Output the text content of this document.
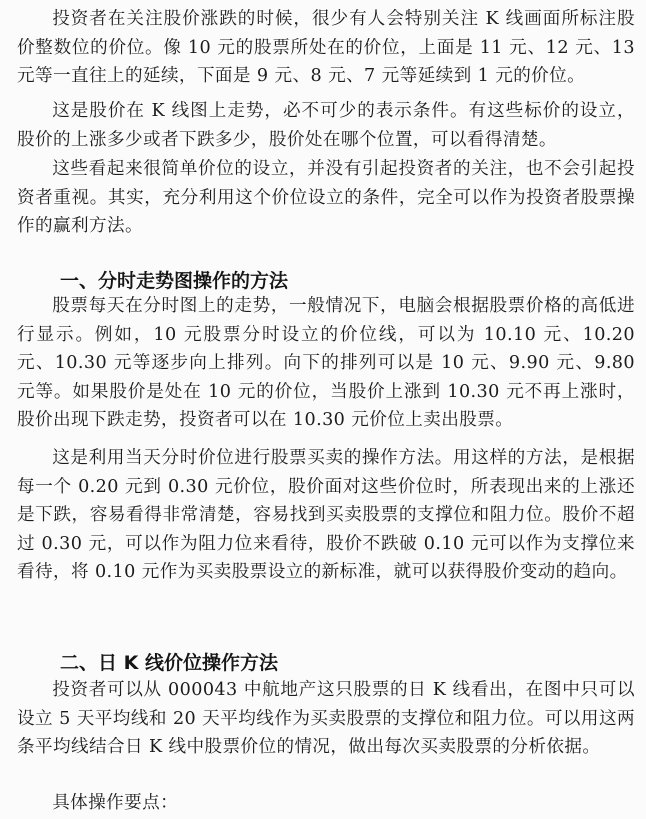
投资者在关注股价涨跌的时候，很少有人会特别关注 K 线画面所标注股价整数位的价位。像 10 元的股票所处在的价位，上面是 11 元、12 元、13 元等一直往上的延续，下面是 9 元、8 元、7 元等延续到 1 元的价位。

这是股价在 K 线图上走势，必不可少的表示条件。有这些标价的设立，股价的上涨多少或者下跌多少，股价处在哪个位置，可以看得清楚。

这些看起来很简单价位的设立，并没有引起投资者的关注，也不会引起投资者重视。其实，充分利用这个价位设立的条件，完全可以作为投资者股票操作的赢利方法。

一、分时走势图操作的方法

股票每天在分时图上的走势，一般情况下，电脑会根据股票价格的高低进行显示。例如，10 元股票分时设立的价位线，可以为 10.10 元、10.20 元、10.30 元等逐步向上排列。向下的排列可以是 10 元、9.90 元、9.80 元等。如果股价是处在 10 元的价位，当股价上涨到 10.30 元不再上涨时，股价出现下跌走势，投资者可以在 10.30 元价位上卖出股票。

这是利用当天分时价位进行股票买卖的操作方法。用这样的方法，是根据每一个 0.20 元到 0.30 元价位，股价面对这些价位时，所表现出来的上涨还是下跌，容易看得非常清楚，容易找到买卖股票的支撑位和阻力位。股价不超过 0.30 元，可以作为阻力位来看待，股价不跌破 0.10 元可以作为支撑位来看待，将 0.10 元作为买卖股票设立的新标准，就可以获得股价变动的趋向。

二、日 K 线价位操作方法

投资者可以从 000043 中航地产这只股票的日 K 线看出，在图中只可以设立 5 天平均线和 20 天平均线作为买卖股票的支撑位和阻力位。可以用这两条平均线结合日 K 线中股票价位的情况，做出每次买卖股票的分析依据。

具体操作要点：
